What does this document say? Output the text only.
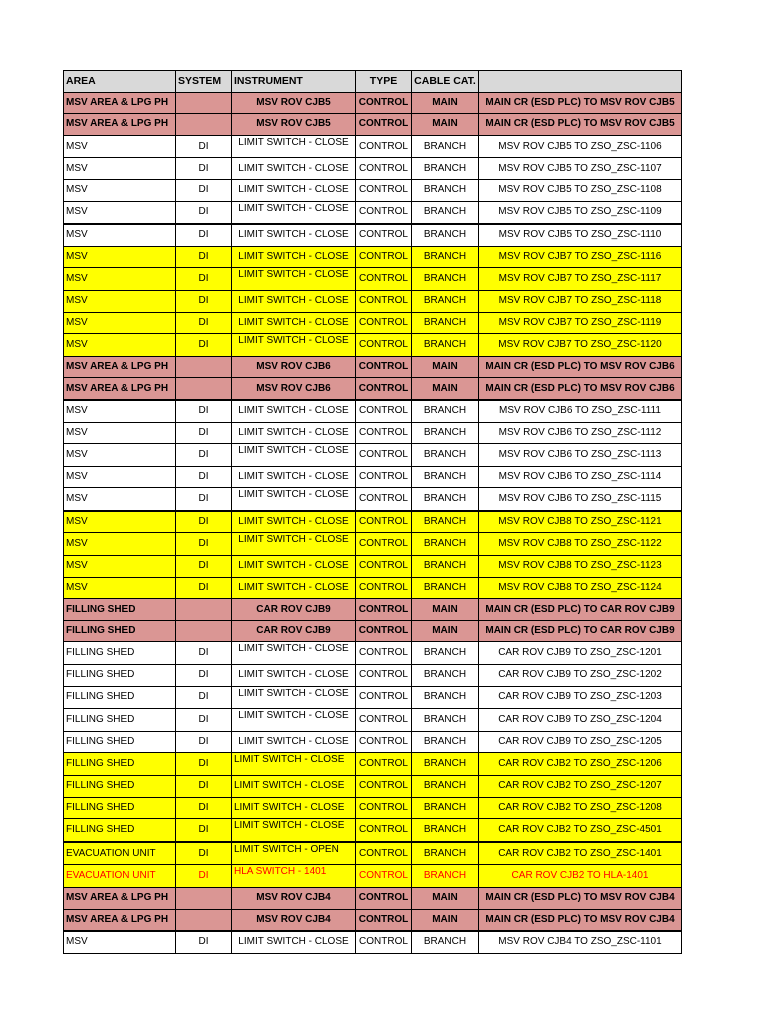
AREA	SYSTEM	INSTRUMENT	TYPE	CABLE CAT.	
MSV AREA & LPG PH		MSV ROV CJB5	CONTROL	MAIN	MAIN CR (ESD PLC) TO MSV ROV CJB5
MSV AREA & LPG PH		MSV ROV CJB5	CONTROL	MAIN	MAIN CR (ESD PLC) TO MSV ROV CJB5
MSV	DI	LIMIT SWITCH - CLOSE	CONTROL	BRANCH	MSV ROV CJB5 TO ZSO_ZSC-1106
MSV	DI	LIMIT SWITCH - CLOSE	CONTROL	BRANCH	MSV ROV CJB5 TO ZSO_ZSC-1107
MSV	DI	LIMIT SWITCH - CLOSE	CONTROL	BRANCH	MSV ROV CJB5 TO ZSO_ZSC-1108
MSV	DI	LIMIT SWITCH - CLOSE	CONTROL	BRANCH	MSV ROV CJB5 TO ZSO_ZSC-1109
MSV	DI	LIMIT SWITCH - CLOSE	CONTROL	BRANCH	MSV ROV CJB5 TO ZSO_ZSC-1110
MSV	DI	LIMIT SWITCH - CLOSE	CONTROL	BRANCH	MSV ROV CJB7 TO ZSO_ZSC-1116
MSV	DI	LIMIT SWITCH - CLOSE	CONTROL	BRANCH	MSV ROV CJB7 TO ZSO_ZSC-1117
MSV	DI	LIMIT SWITCH - CLOSE	CONTROL	BRANCH	MSV ROV CJB7 TO ZSO_ZSC-1118
MSV	DI	LIMIT SWITCH - CLOSE	CONTROL	BRANCH	MSV ROV CJB7 TO ZSO_ZSC-1119
MSV	DI	LIMIT SWITCH - CLOSE	CONTROL	BRANCH	MSV ROV CJB7 TO ZSO_ZSC-1120
MSV AREA & LPG PH		MSV ROV CJB6	CONTROL	MAIN	MAIN CR (ESD PLC) TO MSV ROV CJB6
MSV AREA & LPG PH		MSV ROV CJB6	CONTROL	MAIN	MAIN CR (ESD PLC) TO MSV ROV CJB6
MSV	DI	LIMIT SWITCH - CLOSE	CONTROL	BRANCH	MSV ROV CJB6 TO ZSO_ZSC-1111
MSV	DI	LIMIT SWITCH - CLOSE	CONTROL	BRANCH	MSV ROV CJB6 TO ZSO_ZSC-1112
MSV	DI	LIMIT SWITCH - CLOSE	CONTROL	BRANCH	MSV ROV CJB6 TO ZSO_ZSC-1113
MSV	DI	LIMIT SWITCH - CLOSE	CONTROL	BRANCH	MSV ROV CJB6 TO ZSO_ZSC-1114
MSV	DI	LIMIT SWITCH - CLOSE	CONTROL	BRANCH	MSV ROV CJB6 TO ZSO_ZSC-1115
MSV	DI	LIMIT SWITCH - CLOSE	CONTROL	BRANCH	MSV ROV CJB8 TO ZSO_ZSC-1121
MSV	DI	LIMIT SWITCH - CLOSE	CONTROL	BRANCH	MSV ROV CJB8 TO ZSO_ZSC-1122
MSV	DI	LIMIT SWITCH - CLOSE	CONTROL	BRANCH	MSV ROV CJB8 TO ZSO_ZSC-1123
MSV	DI	LIMIT SWITCH - CLOSE	CONTROL	BRANCH	MSV ROV CJB8 TO ZSO_ZSC-1124
FILLING SHED		CAR ROV CJB9	CONTROL	MAIN	MAIN CR (ESD PLC) TO CAR ROV CJB9
FILLING SHED		CAR ROV CJB9	CONTROL	MAIN	MAIN CR (ESD PLC) TO CAR ROV CJB9
FILLING SHED	DI	LIMIT SWITCH - CLOSE	CONTROL	BRANCH	CAR ROV CJB9 TO ZSO_ZSC-1201
FILLING SHED	DI	LIMIT SWITCH - CLOSE	CONTROL	BRANCH	CAR ROV CJB9 TO ZSO_ZSC-1202
FILLING SHED	DI	LIMIT SWITCH - CLOSE	CONTROL	BRANCH	CAR ROV CJB9 TO ZSO_ZSC-1203
FILLING SHED	DI	LIMIT SWITCH - CLOSE	CONTROL	BRANCH	CAR ROV CJB9 TO ZSO_ZSC-1204
FILLING SHED	DI	LIMIT SWITCH - CLOSE	CONTROL	BRANCH	CAR ROV CJB9 TO ZSO_ZSC-1205
FILLING SHED	DI	LIMIT SWITCH - CLOSE	CONTROL	BRANCH	CAR ROV CJB2 TO ZSO_ZSC-1206
FILLING SHED	DI	LIMIT SWITCH - CLOSE	CONTROL	BRANCH	CAR ROV CJB2 TO ZSO_ZSC-1207
FILLING SHED	DI	LIMIT SWITCH - CLOSE	CONTROL	BRANCH	CAR ROV CJB2 TO ZSO_ZSC-1208
FILLING SHED	DI	LIMIT SWITCH - CLOSE	CONTROL	BRANCH	CAR ROV CJB2 TO ZSO_ZSC-4501
EVACUATION UNIT	DI	LIMIT SWITCH - OPEN	CONTROL	BRANCH	CAR ROV CJB2 TO ZSO_ZSC-1401
EVACUATION UNIT	DI	HLA SWITCH - 1401	CONTROL	BRANCH	CAR ROV CJB2 TO HLA-1401
MSV AREA & LPG PH		MSV ROV CJB4	CONTROL	MAIN	MAIN CR (ESD PLC) TO MSV ROV CJB4
MSV AREA & LPG PH		MSV ROV CJB4	CONTROL	MAIN	MAIN CR (ESD PLC) TO MSV ROV CJB4
MSV	DI	LIMIT SWITCH - CLOSE	CONTROL	BRANCH	MSV ROV CJB4 TO ZSO_ZSC-1101
